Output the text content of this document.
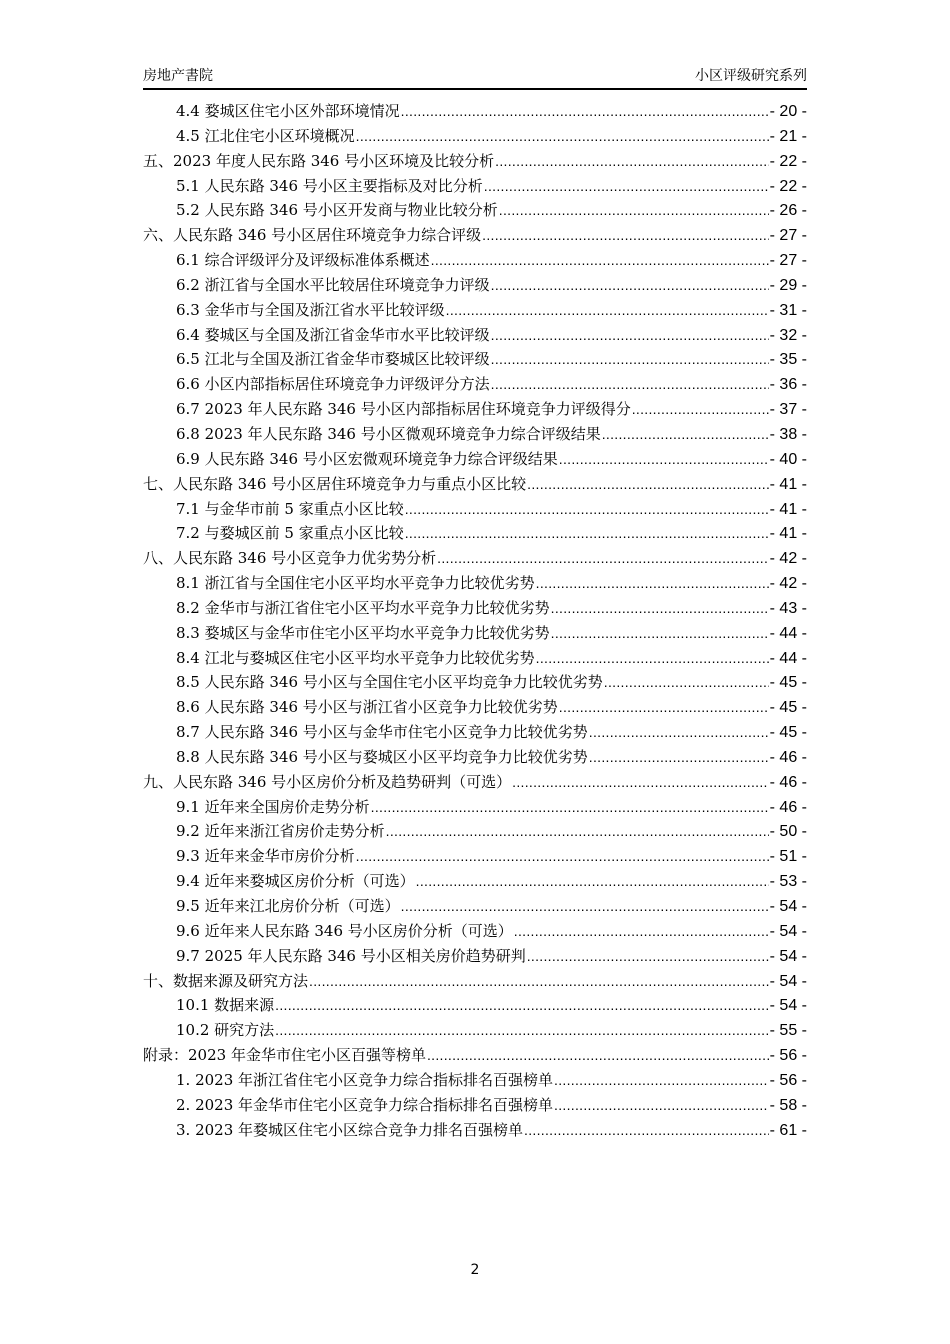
房地产書院	小区评级研究系列
4.4 婺城区住宅小区外部环境情况 .....	- 20 -
4.5 江北住宅小区环境概况 .....	- 21 -
五、2023 年度人民东路 346 号小区环境及比较分析 .....	- 22 -
5.1 人民东路 346 号小区主要指标及对比分析 .....	- 22 -
5.2 人民东路 346 号小区开发商与物业比较分析 .....	- 26 -
六、人民东路 346 号小区居住环境竞争力综合评级 .....	- 27 -
6.1 综合评级评分及评级标准体系概述 .....	- 27 -
6.2 浙江省与全国水平比较居住环境竞争力评级 .....	- 29 -
6.3 金华市与全国及浙江省水平比较评级 .....	- 31 -
6.4 婺城区与全国及浙江省金华市水平比较评级 .....	- 32 -
6.5 江北与全国及浙江省金华市婺城区比较评级 .....	- 35 -
6.6 小区内部指标居住环境竞争力评级评分方法 .....	- 36 -
6.7 2023 年人民东路 346 号小区内部指标居住环境竞争力评级得分 .....	- 37 -
6.8 2023 年人民东路 346 号小区微观环境竞争力综合评级结果 .....	- 38 -
6.9 人民东路 346 号小区宏微观环境竞争力综合评级结果 .....	- 40 -
七、人民东路 346 号小区居住环境竞争力与重点小区比较 .....	- 41 -
7.1 与金华市前 5 家重点小区比较 .....	- 41 -
7.2 与婺城区前 5 家重点小区比较 .....	- 41 -
八、人民东路 346 号小区竞争力优劣势分析 .....	- 42 -
8.1 浙江省与全国住宅小区平均水平竞争力比较优劣势 .....	- 42 -
8.2 金华市与浙江省住宅小区平均水平竞争力比较优劣势 .....	- 43 -
8.3 婺城区与金华市住宅小区平均水平竞争力比较优劣势 .....	- 44 -
8.4 江北与婺城区住宅小区平均水平竞争力比较优劣势 .....	- 44 -
8.5 人民东路 346 号小区与全国住宅小区平均竞争力比较优劣势 .....	- 45 -
8.6 人民东路 346 号小区与浙江省小区竞争力比较优劣势 .....	- 45 -
8.7 人民东路 346 号小区与金华市住宅小区竞争力比较优劣势 .....	- 45 -
8.8 人民东路 346 号小区与婺城区小区平均竞争力比较优劣势 .....	- 46 -
九、人民东路 346 号小区房价分析及趋势研判（可选） .....	- 46 -
9.1 近年来全国房价走势分析 .....	- 46 -
9.2 近年来浙江省房价走势分析 .....	- 50 -
9.3 近年来金华市房价分析 .....	- 51 -
9.4 近年来婺城区房价分析（可选） .....	- 53 -
9.5 近年来江北房价分析（可选） .....	- 54 -
9.6 近年来人民东路 346 号小区房价分析（可选） .....	- 54 -
9.7 2025 年人民东路 346 号小区相关房价趋势研判 .....	- 54 -
十、数据来源及研究方法 .....	- 54 -
10.1 数据来源 .....	- 54 -
10.2 研究方法 .....	- 55 -
附录：2023 年金华市住宅小区百强等榜单 .....	- 56 -
1. 2023 年浙江省住宅小区竞争力综合指标排名百强榜单 .....	- 56 -
2. 2023 年金华市住宅小区竞争力综合指标排名百强榜单 .....	- 58 -
3. 2023 年婺城区住宅小区综合竞争力排名百强榜单 .....	- 61 -
2
